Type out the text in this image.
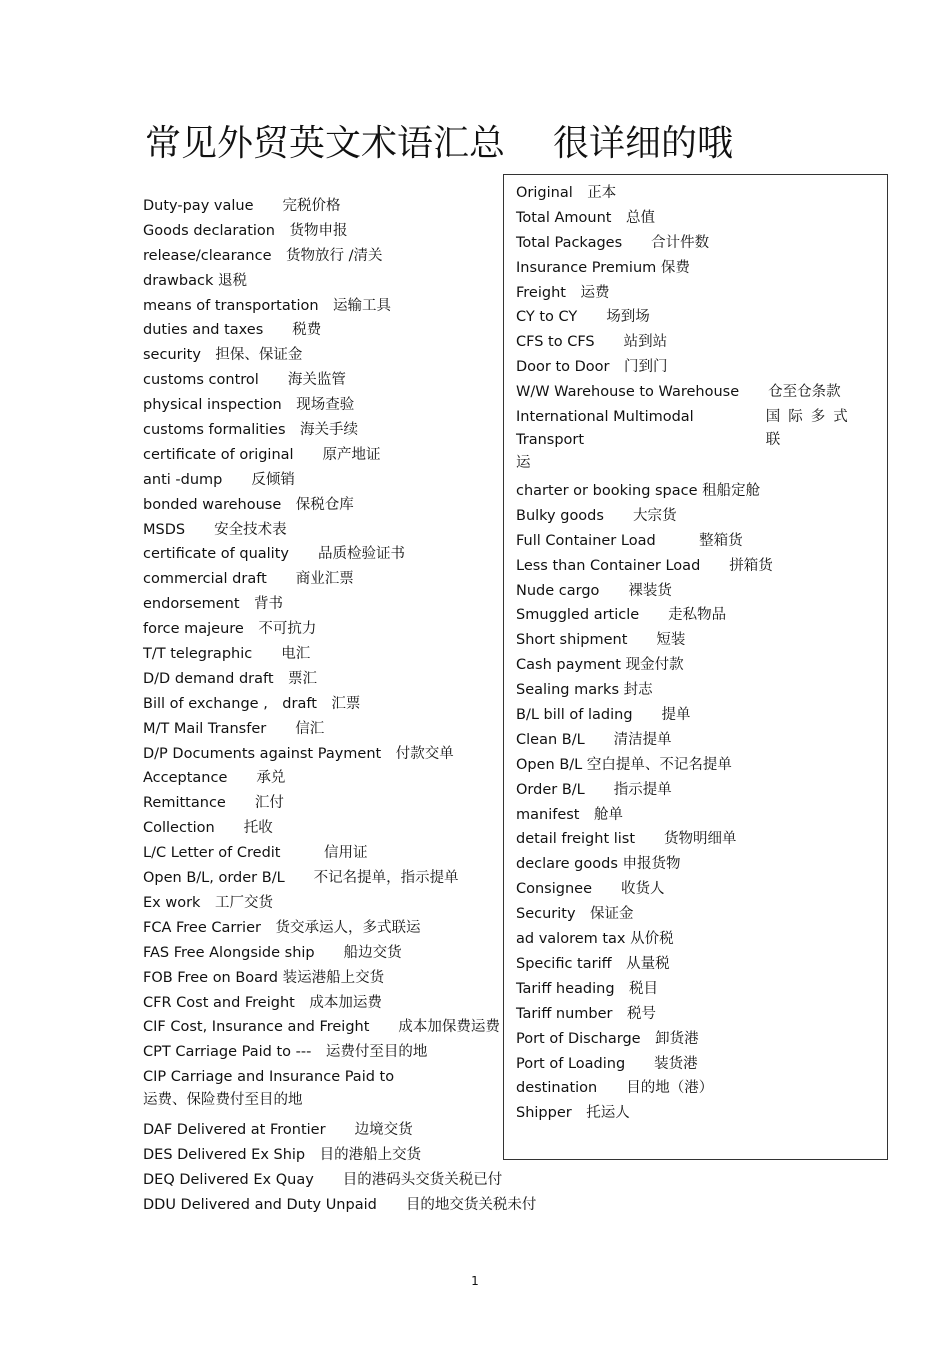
常见外贸英文术语汇总 很详细的哦
Duty-pay value　　完税价格
Goods declaration　货物申报
release/clearance　货物放行 /清关
drawback 退税
means of transportation　运输工具
duties and taxes　　税费
security　担保、保证金
customs control　　海关监管
physical inspection　现场查验
customs formalities　海关手续
certificate of original　　原产地证
anti -dump　　反倾销
bonded warehouse　保税仓库
MSDS　　安全技术表
certificate of quality　　品质检验证书
commercial draft　　商业汇票
endorsement　背书
force majeure　不可抗力
T/T telegraphic　　电汇
D/D demand draft　票汇
Bill of exchange ,　draft　汇票
M/T Mail Transfer　　信汇
D/P Documents against Payment　付款交单
Acceptance　　承兑
Remittance　　汇付
Collection　　托收
L/C Letter of Credit　　　信用证
Open B/L, order B/L　　不记名提单，指示提单
Ex work　工厂交货
FCA Free Carrier　货交承运人，多式联运
FAS Free Alongside ship　　船边交货
FOB Free on Board 装运港船上交货
CFR Cost and Freight　成本加运费
CIF Cost, Insurance and Freight　　成本加保费运费
CPT Carriage Paid to ---　运费付至目的地
CIP Carriage and Insurance Paid to
运费、保险费付至目的地
DAF Delivered at Frontier　　边境交货
DES Delivered Ex Ship　目的港船上交货
DEQ Delivered Ex Quay　　目的港码头交货关税已付
DDU Delivered and Duty Unpaid　　目的地交货关税未付
Original　正本
Total Amount　总值
Total Packages　　合计件数
Insurance Premium 保费
Freight　运费
CY to CY　　场到场
CFS to CFS　　站到站
Door to Door　门到门
W/W Warehouse to Warehouse　　仓至仓条款
International Multimodal Transport
国际多式联
运
charter or booking space 租船定舱
Bulky goods　　大宗货
Full Container Load　　　整箱货
Less than Container Load　　拼箱货
Nude cargo　　裸装货
Smuggled article　　走私物品
Short shipment　　短装
Cash payment 现金付款
Sealing marks 封志
B/L bill of lading　　提单
Clean B/L　　清洁提单
Open B/L 空白提单、不记名提单
Order B/L　　指示提单
manifest　舱单
detail freight list　　货物明细单
declare goods 申报货物
Consignee　　收货人
Security　保证金
ad valorem tax 从价税
Specific tariff　从量税
Tariff heading　税目
Tariff number　税号
Port of Discharge　卸货港
Port of Loading　　装货港
destination　　目的地（港）
Shipper　托运人
1
